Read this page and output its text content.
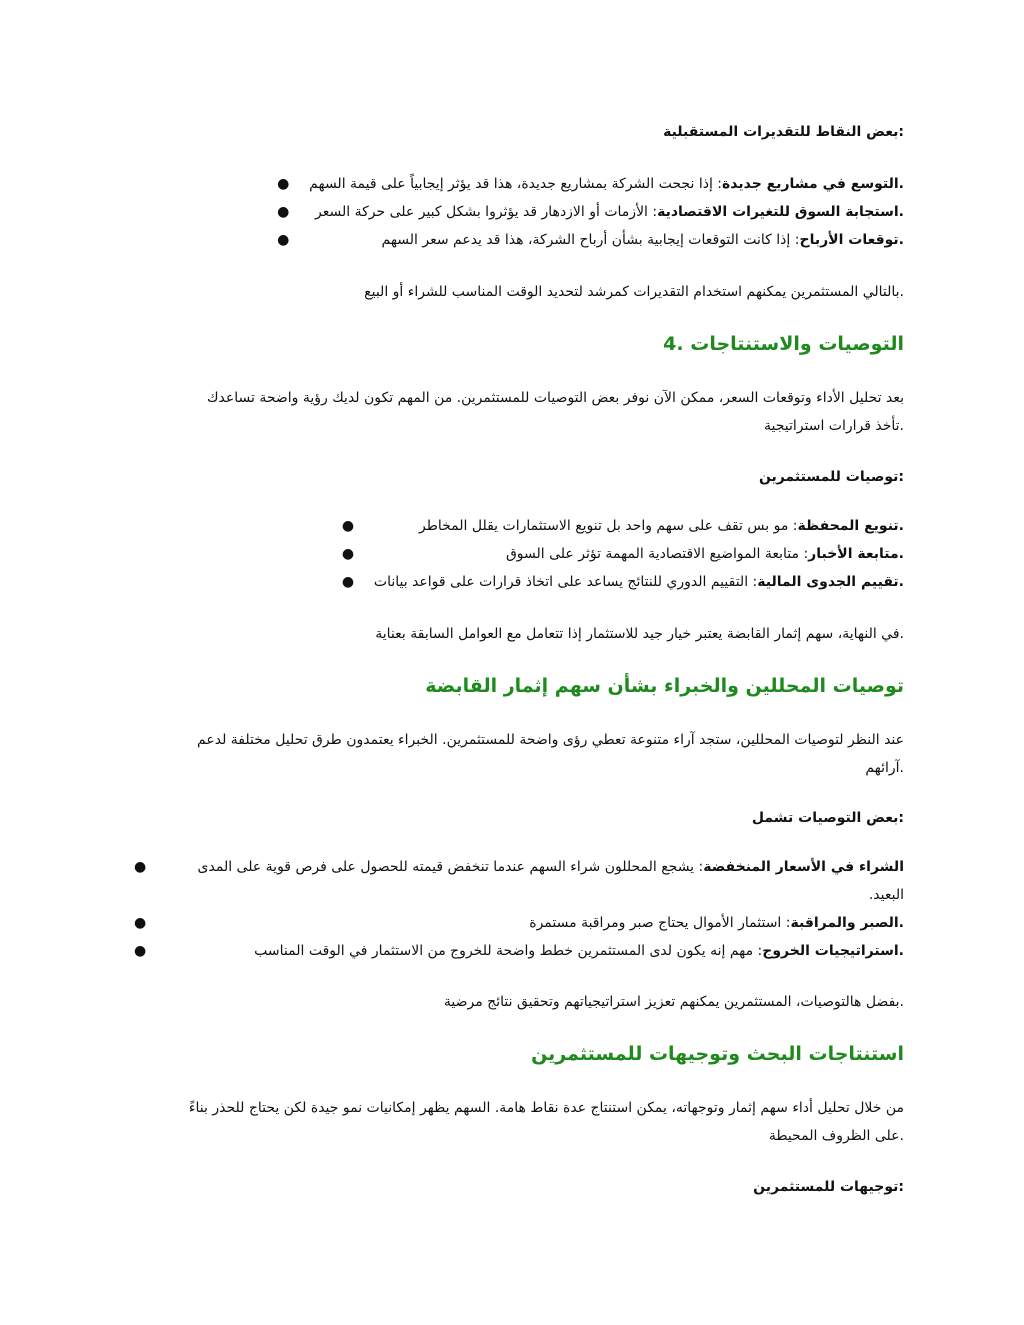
:بعض النقاط للتقديرات المستقبلية

.التوسع في مشاريع جديدة: إذا نجحت الشركة بمشاريع جديدة، هذا قد يؤثر إيجابياً على قيمة السهم
●
.استجابة السوق للتغيرات الاقتصادية: الأزمات أو الازدهار قد يؤثروا بشكل كبير على حركة السعر
●
.توقعات الأرباح: إذا كانت التوقعات إيجابية بشأن أرباح الشركة، هذا قد يدعم سعر السهم
●

.بالتالي المستثمرين يمكنهم استخدام التقديرات كمرشد لتحديد الوقت المناسب للشراء أو البيع

التوصيات والاستنتاجات .4
بعد تحليل الأداء وتوقعات السعر، ممكن الآن نوفر بعض التوصيات للمستثمرين. من المهم تكون لديك رؤية واضحة تساعدك
.تأخذ قرارات استراتيجية

:توصيات للمستثمرين

.تنويع المحفظة: مو بس تقف على سهم واحد بل تنويع الاستثمارات يقلل المخاطر
●
.متابعة الأخبار: متابعة المواضيع الاقتصادية المهمة تؤثر على السوق
●
.تقييم الجدوى المالية: التقييم الدوري للنتائج يساعد على اتخاذ قرارات على قواعد بيانات
●

.في النهاية، سهم إثمار القابضة يعتبر خيار جيد للاستثمار إذا تتعامل مع العوامل السابقة بعناية

توصيات المحللين والخبراء بشأن سهم إثمار القابضة
عند النظر لتوصيات المحللين، ستجد آراء متنوعة تعطي رؤى واضحة للمستثمرين. الخبراء يعتمدون طرق تحليل مختلفة لدعم
.آرائهم

:بعض التوصيات تشمل

الشراء في الأسعار المنخفضة: يشجع المحللون شراء السهم عندما تنخفض قيمته للحصول على فرص قوية على المدى البعيد.
●
.الصبر والمراقبة: استثمار الأموال يحتاج صبر ومراقبة مستمرة
●
.استراتيجيات الخروج: مهم إنه يكون لدى المستثمرين خطط واضحة للخروج من الاستثمار في الوقت المناسب
●

.بفضل هالتوصيات، المستثمرين يمكنهم تعزيز استراتيجياتهم وتحقيق نتائج مرضية

استنتاجات البحث وتوجيهات للمستثمرين
من خلال تحليل أداء سهم إثمار وتوجهاته، يمكن استنتاج عدة نقاط هامة. السهم يظهر إمكانيات نمو جيدة لكن يحتاج للحذر بناءً
.على الظروف المحيطة

:توجيهات للمستثمرين
